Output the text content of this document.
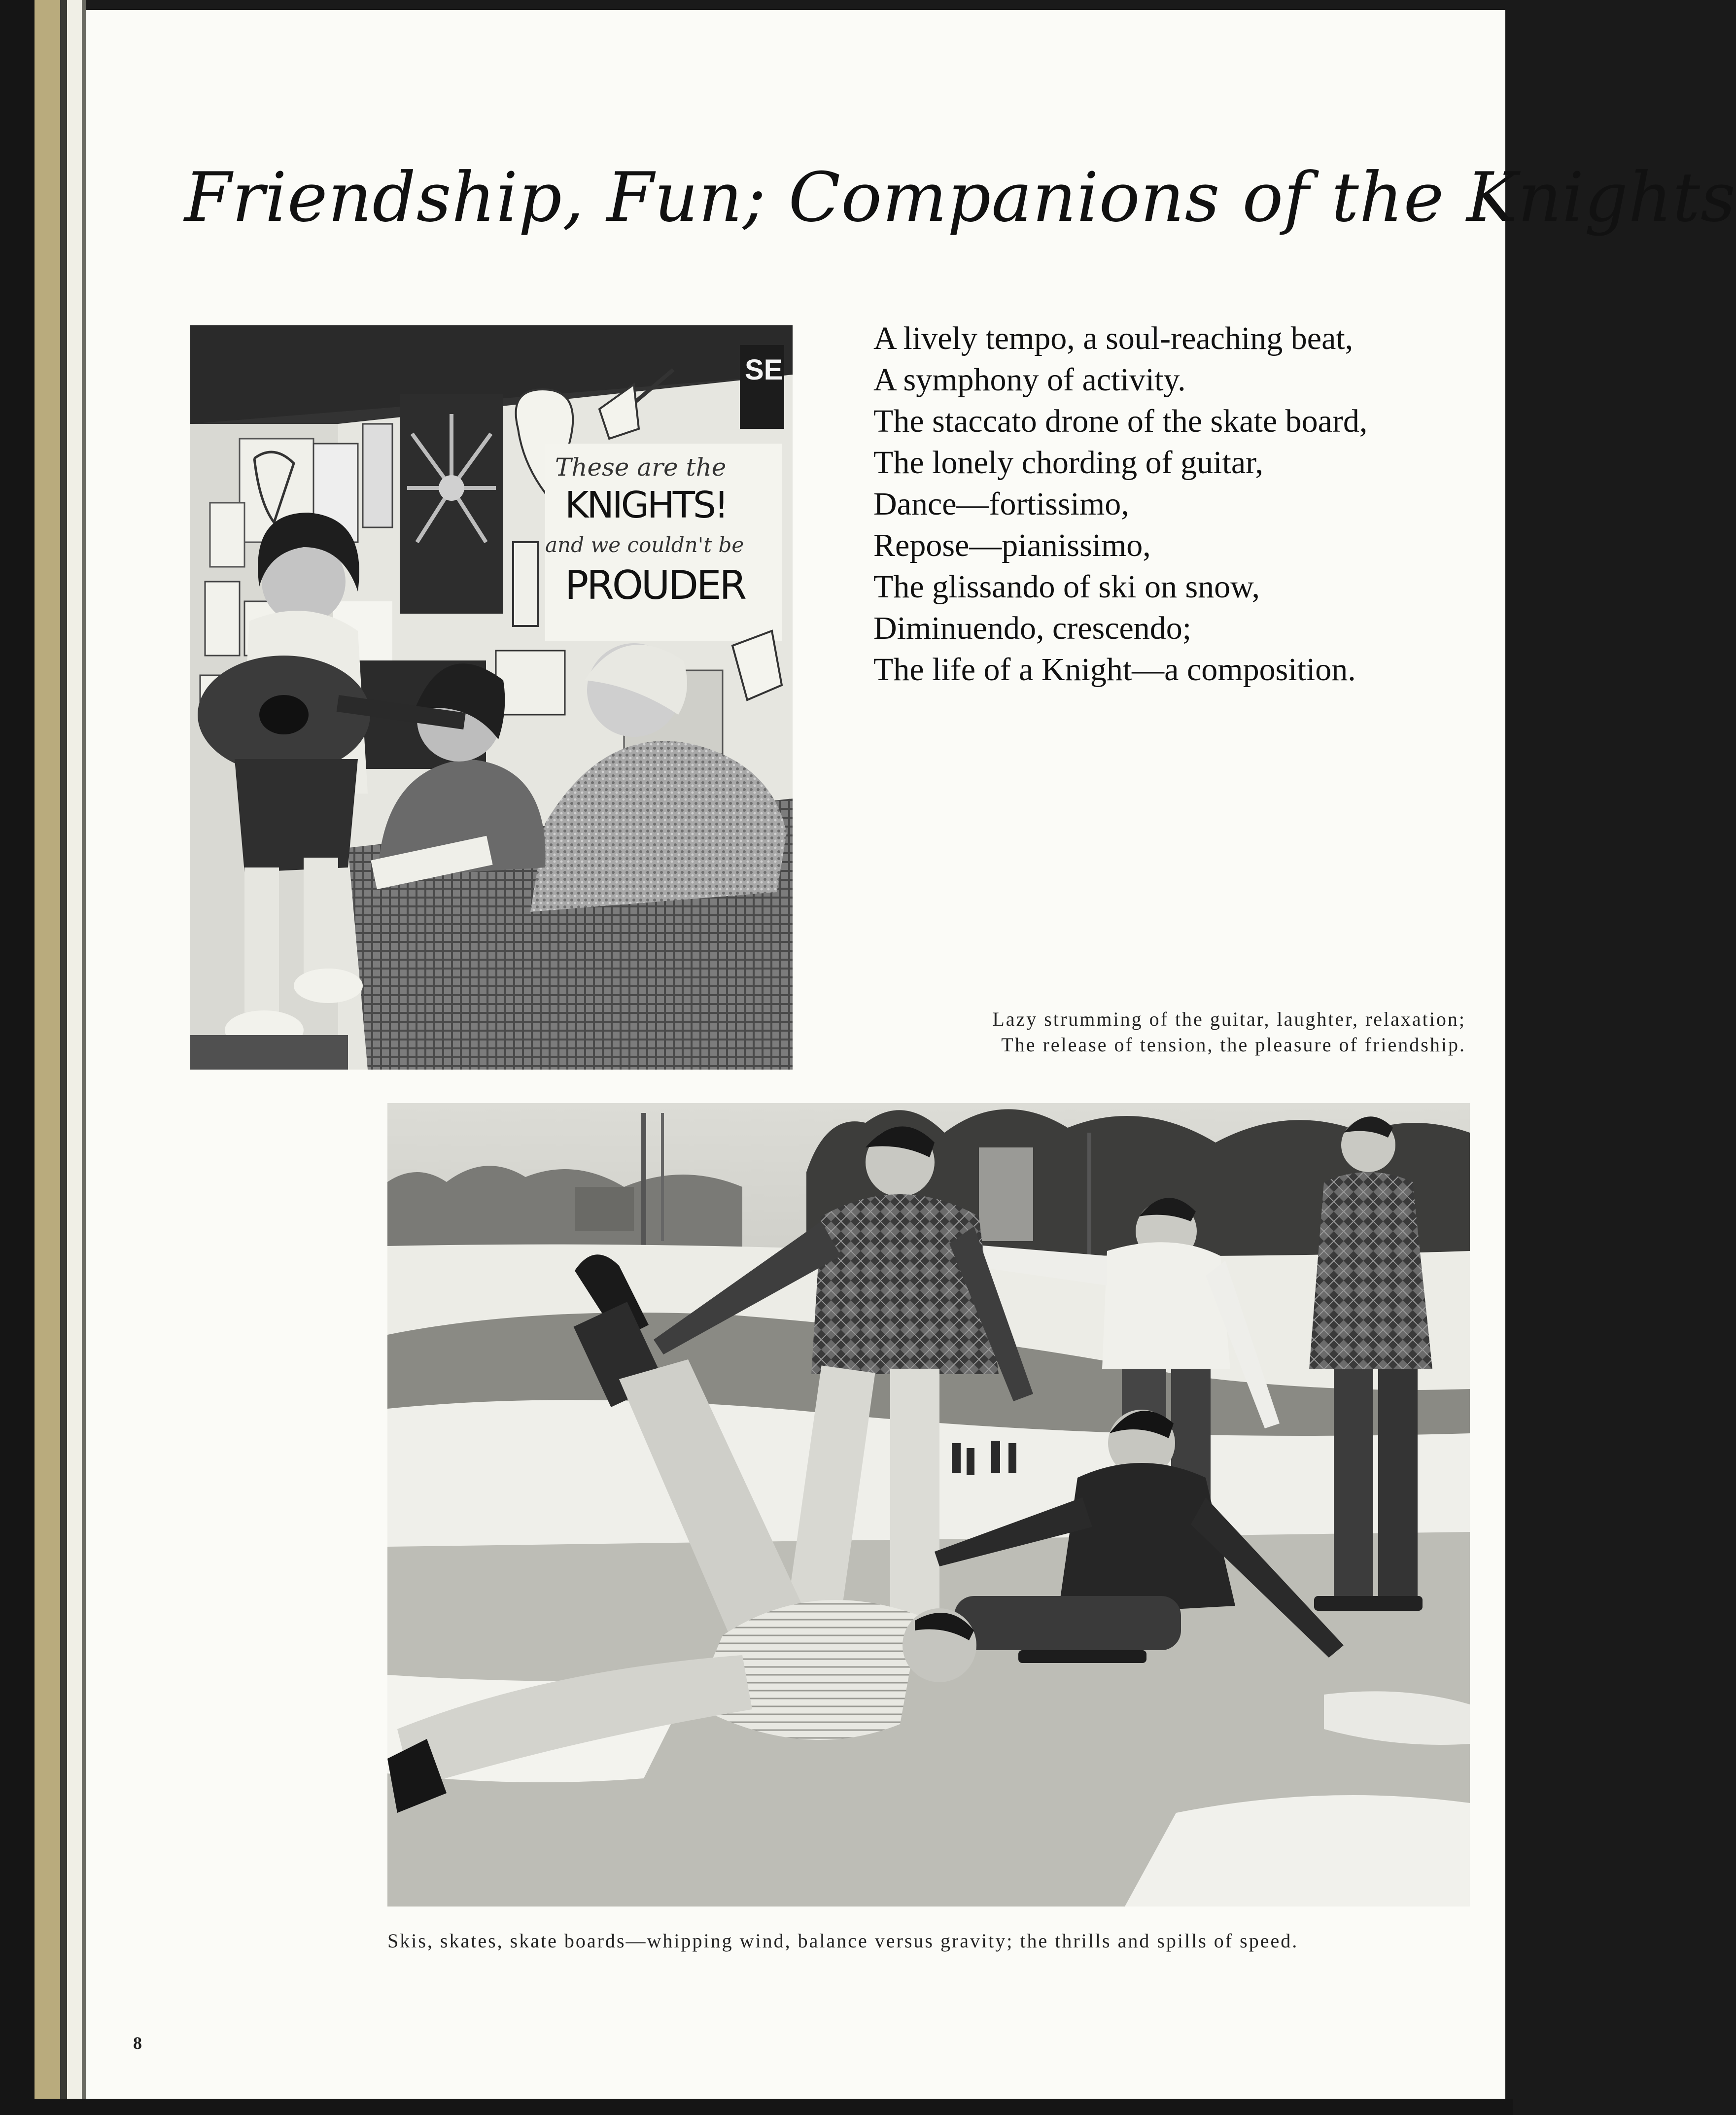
Friendship, Fun; Companions of the Knights
SE
These are the
KNIGHTS!
and we couldn't be
PROUDER
A lively tempo, a soul-reaching beat,
A symphony of activity.
The staccato drone of the skate board,
The lonely chording of guitar,
Dance—fortissimo,
Repose—pianissimo,
The glissando of ski on snow,
Diminuendo, crescendo;
The life of a Knight—a composition.
Lazy strumming of the guitar, laughter, relaxation;
The release of tension, the pleasure of friendship.
Skis, skates, skate boards—whipping wind, balance versus gravity; the thrills and spills of speed.
8
